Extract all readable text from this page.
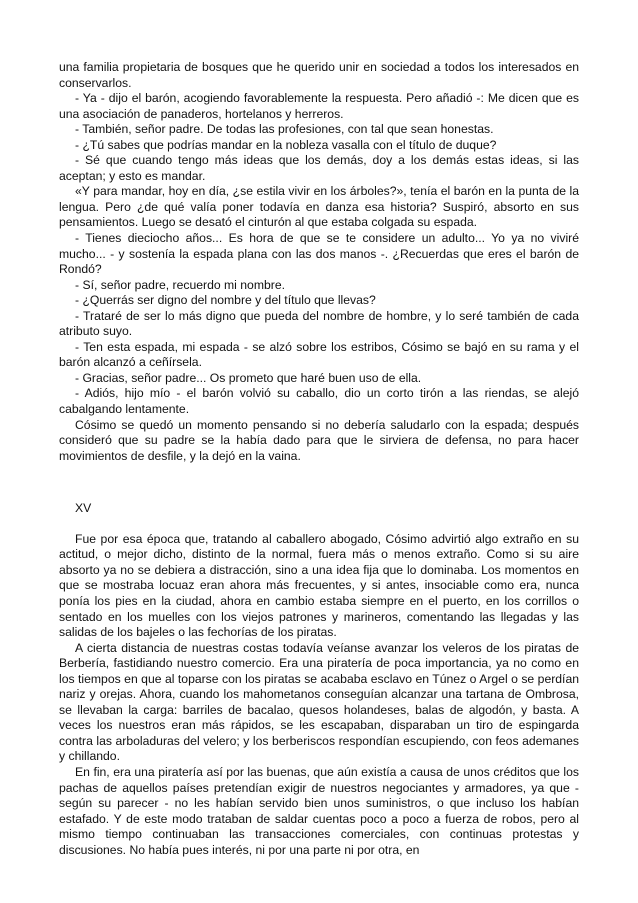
una familia propietaria de bosques que he querido unir en sociedad a todos los interesados en conservarlos.

- Ya - dijo el barón, acogiendo favorablemente la respuesta. Pero añadió -: Me dicen que es una asociación de panaderos, hortelanos y herreros.

- También, señor padre. De todas las profesiones, con tal que sean honestas.

- ¿Tú sabes que podrías mandar en la nobleza vasalla con el título de duque?

- Sé que cuando tengo más ideas que los demás, doy a los demás estas ideas, si las aceptan; y esto es mandar.

«Y para mandar, hoy en día, ¿se estila vivir en los árboles?», tenía el barón en la punta de la lengua. Pero ¿de qué valía poner todavía en danza esa historia? Suspiró, absorto en sus pensamientos. Luego se desató el cinturón al que estaba colgada su espada.

- Tienes dieciocho años... Es hora de que se te considere un adulto... Yo ya no viviré mucho... - y sostenía la espada plana con las dos manos -. ¿Recuerdas que eres el barón de Rondó?

- Sí, señor padre, recuerdo mi nombre.

- ¿Querrás ser digno del nombre y del título que llevas?

- Trataré de ser lo más digno que pueda del nombre de hombre, y lo seré también de cada atributo suyo.

- Ten esta espada, mi espada - se alzó sobre los estribos, Cósimo se bajó en su rama y el barón alcanzó a ceñírsela.

- Gracias, señor padre... Os prometo que haré buen uso de ella.

- Adiós, hijo mío - el barón volvió su caballo, dio un corto tirón a las riendas, se alejó cabalgando lentamente.

Cósimo se quedó un momento pensando si no debería saludarlo con la espada; después consideró que su padre se la había dado para que le sirviera de defensa, no para hacer movimientos de desfile, y la dejó en la vaina.

XV

Fue por esa época que, tratando al caballero abogado, Cósimo advirtió algo extraño en su actitud, o mejor dicho, distinto de la normal, fuera más o menos extraño. Como si su aire absorto ya no se debiera a distracción, sino a una idea fija que lo dominaba. Los momentos en que se mostraba locuaz eran ahora más frecuentes, y si antes, insociable como era, nunca ponía los pies en la ciudad, ahora en cambio estaba siempre en el puerto, en los corrillos o sentado en los muelles con los viejos patrones y marineros, comentando las llegadas y las salidas de los bajeles o las fechorías de los piratas.

A cierta distancia de nuestras costas todavía veíanse avanzar los veleros de los piratas de Berbería, fastidiando nuestro comercio. Era una piratería de poca importancia, ya no como en los tiempos en que al toparse con los piratas se acababa esclavo en Túnez o Argel o se perdían nariz y orejas. Ahora, cuando los mahometanos conseguían alcanzar una tartana de Ombrosa, se llevaban la carga: barriles de bacalao, quesos holandeses, balas de algodón, y basta. A veces los nuestros eran más rápidos, se les escapaban, disparaban un tiro de espingarda contra las arboladuras del velero; y los berberiscos respondían escupiendo, con feos ademanes y chillando.

En fin, era una piratería así por las buenas, que aún existía a causa de unos créditos que los pachas de aquellos países pretendían exigir de nuestros negociantes y armadores, ya que - según su parecer - no les habían servido bien unos suministros, o que incluso los habían estafado. Y de este modo trataban de saldar cuentas poco a poco a fuerza de robos, pero al mismo tiempo continuaban las transacciones comerciales, con continuas protestas y discusiones. No había pues interés, ni por una parte ni por otra, en
